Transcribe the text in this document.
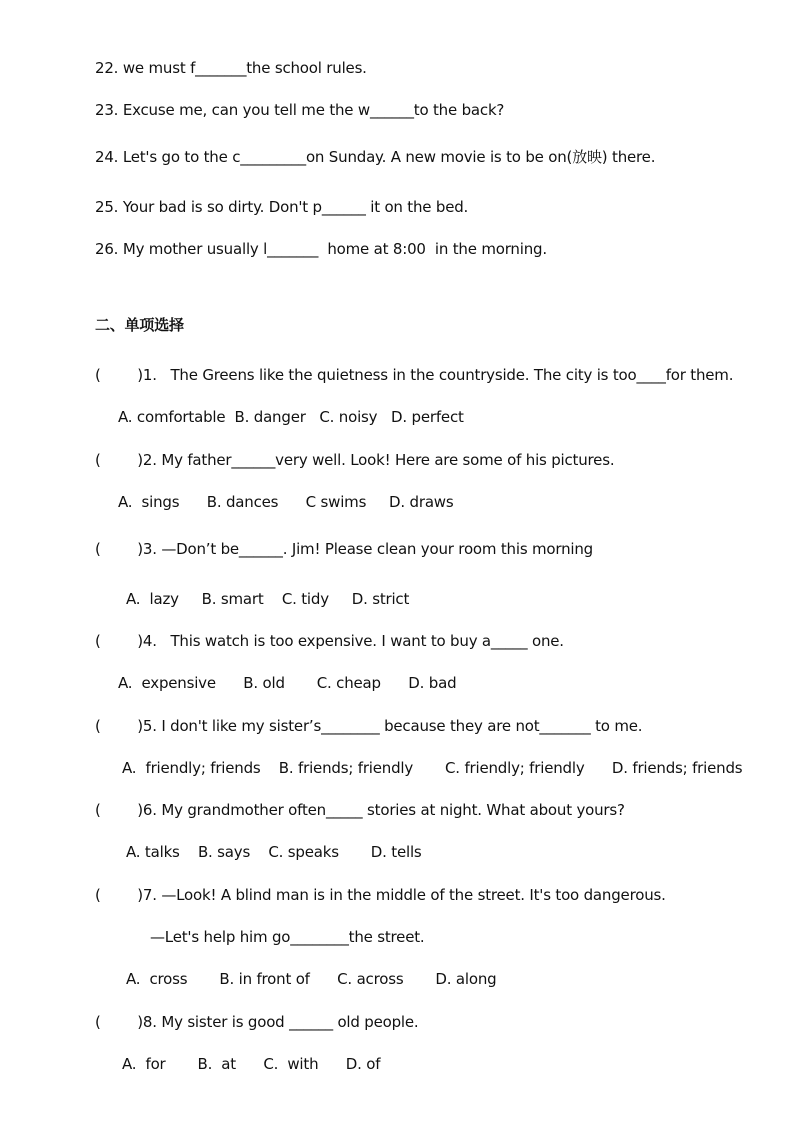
22. we must f_______the school rules.
23. Excuse me, can you tell me the w______to the back?
24. Let's go to the c_________on Sunday. A new movie is to be on(放映) there.
25. Your bad is so dirty. Don't p______ it on the bed.
26. My mother usually l_______  home at 8:00  in the morning.
二、单项选择
(        )1.   The Greens like the quietness in the countryside. The city is too____for them.
A. comfortable  B. danger   C. noisy   D. perfect
(        )2. My father______very well. Look! Here are some of his pictures.
A.  sings      B. dances      C swims     D. draws
(        )3. —Don’t be______. Jim! Please clean your room this morning
A.  lazy     B. smart    C. tidy     D. strict
(        )4.   This watch is too expensive. I want to buy a_____ one.
A.  expensive      B. old       C. cheap      D. bad
(        )5. I don't like my sister’s________ because they are not_______ to me.
A.  friendly; friends    B. friends; friendly       C. friendly; friendly      D. friends; friends
(        )6. My grandmother often_____ stories at night. What about yours?
A. talks    B. says    C. speaks       D. tells
(        )7. —Look! A blind man is in the middle of the street. It's too dangerous.
—Let's help him go________the street.
A.  cross       B. in front of      C. across       D. along
(        )8. My sister is good ______ old people.
A.  for       B.  at      C.  with      D. of
